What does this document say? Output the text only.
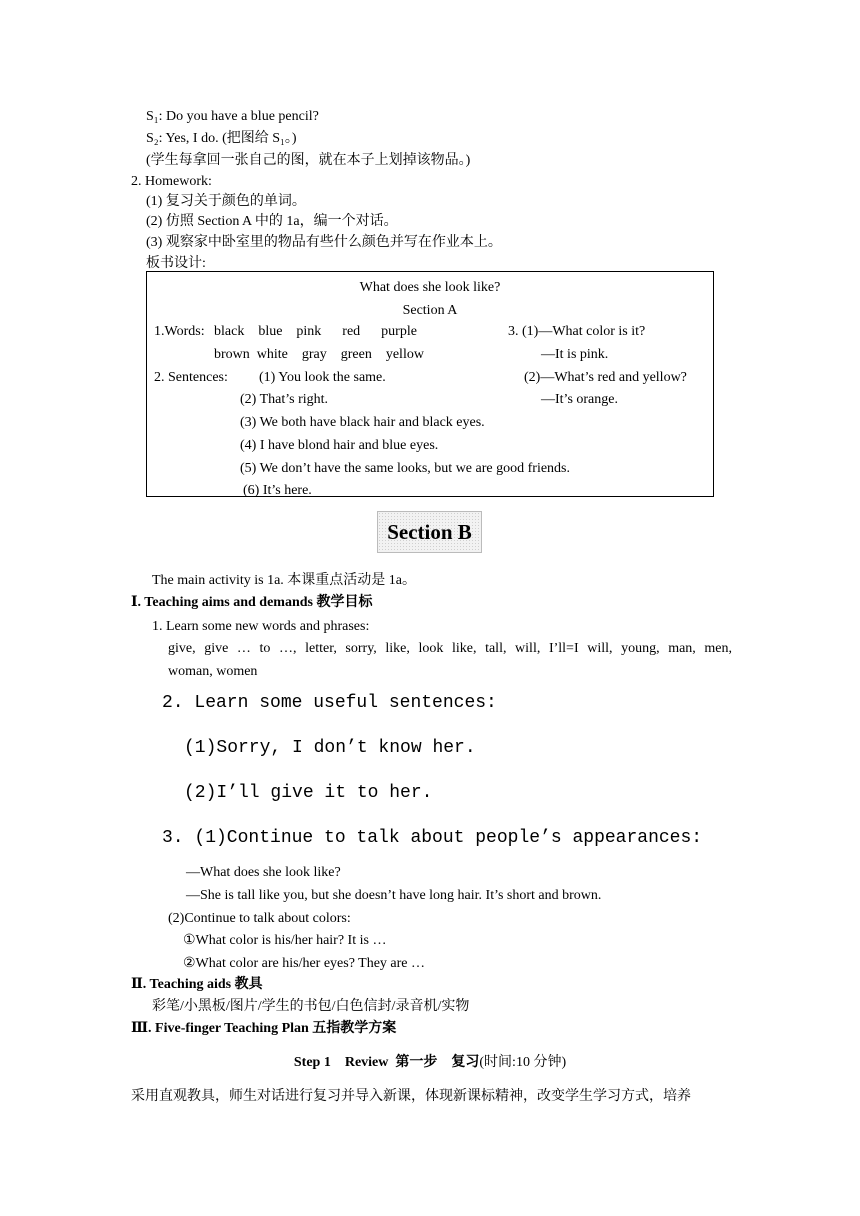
S₁: Do you have a blue pencil?
S₂: Yes, I do. (把图给 S₁。)
(学生每拿回一张自己的图，就在本子上划掉该物品。)
2. Homework:
(1) 复习关于颜色的单词。
(2) 仿照 Section A 中的 1a，编一个对话。
(3) 观察家中卧室里的物品有些什么颜色并写在作业本上。
板书设计:
What does she look like?
Section A
1.Words: black    blue    pink      red      purple
brown  white    gray    green    yellow
3. (1)—What color is it?
—It is pink.
2. Sentences: (1) You look the same.	(2)—What’s red and yellow?
(2) That’s right.	—It’s orange.
(3) We both have black hair and black eyes.
(4) I have blond hair and blue eyes.
(5) We don’t have the same looks, but we are good friends.
(6) It’s here.
Section B
The main activity is 1a. 本课重点活动是 1a。
Ⅰ. Teaching aims and demands 教学目标
1. Learn some new words and phrases:
give, give … to …, letter, sorry, like, look like, tall, will, I’ll=I will, young, man, men,
woman, women
2. Learn some useful sentences:
(1)Sorry, I don’t know her.
(2)I’ll give it to her.
3. (1)Continue to talk about people’s appearances:
—What does she look like?
—She is tall like you, but she doesn’t have long hair. It’s short and brown.
(2)Continue to talk about colors:
①What color is his/her hair? It is …
②What color are his/her eyes? They are …
Ⅱ. Teaching aids 教具
彩笔/小黑板/图片/学生的书包/白色信封/录音机/实物
Ⅲ. Five-finger Teaching Plan 五指教学方案
Step 1    Review  第一步    复习(时间:10 分钟)
采用直观教具，师生对话进行复习并导入新课，体现新课标精神，改变学生学习方式，培养
